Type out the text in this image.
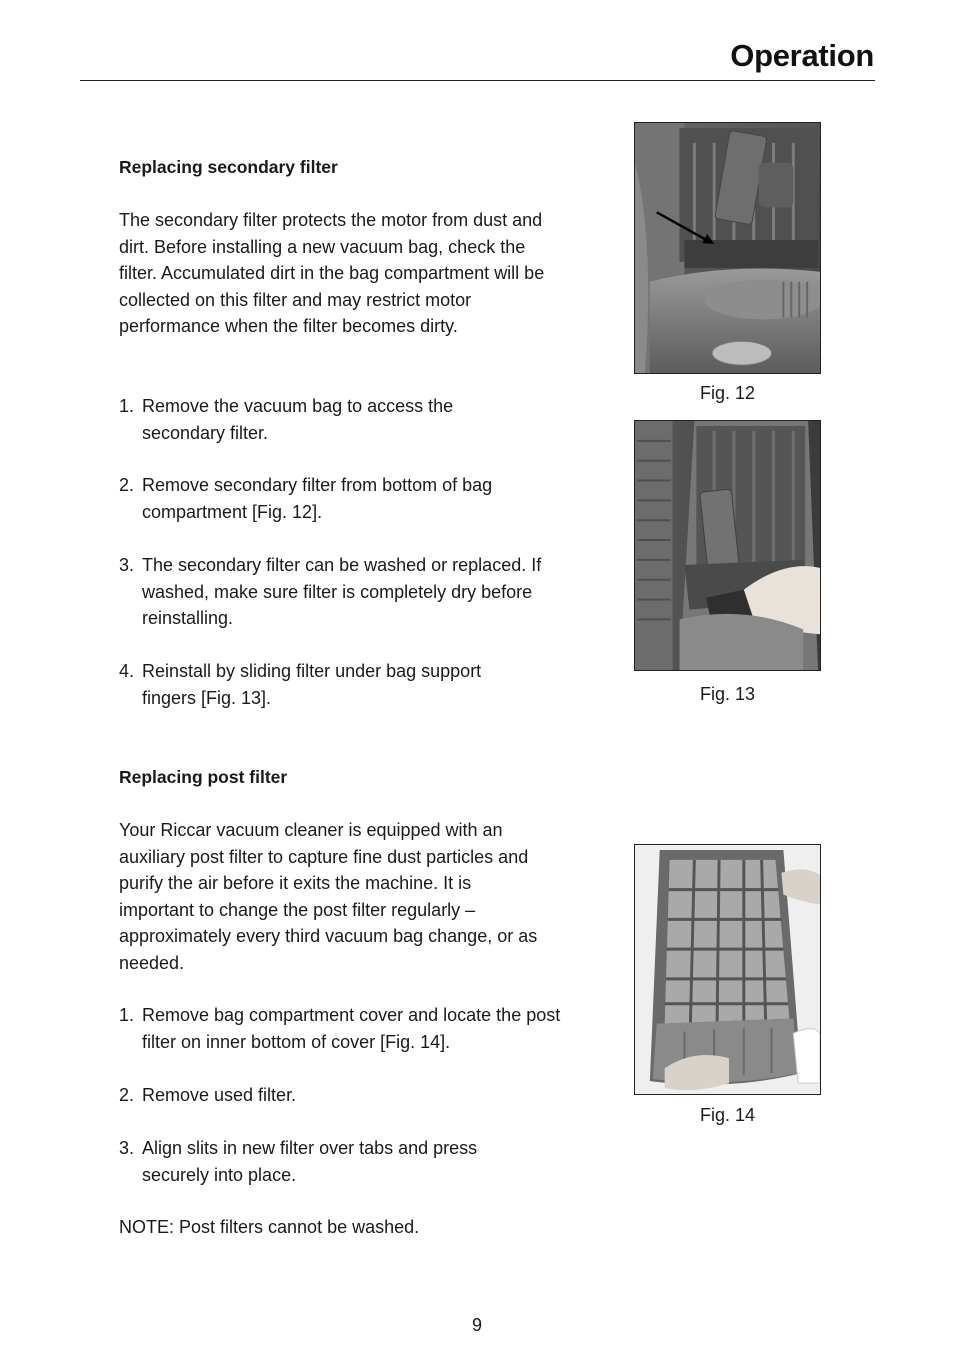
Operation

Replacing secondary filter

The secondary filter protects the motor from dust and dirt. Before installing a new vacuum bag, check the filter. Accumulated dirt in the bag compartment will be collected on this filter and may restrict motor performance when the filter becomes dirty.

1. Remove the vacuum bag to access the secondary filter.
2. Remove secondary filter from bottom of bag compartment [Fig. 12].
3. The secondary filter can be washed or replaced. If washed, make sure filter is completely dry before reinstalling.
4. Reinstall by sliding filter under bag support fingers [Fig. 13].

Replacing post filter

Your Riccar vacuum cleaner is equipped with an auxiliary post filter to capture fine dust particles and purify the air before it exits the machine. It is important to change the post filter regularly – approximately every third vacuum bag change, or as needed.

1. Remove bag compartment cover and locate the post filter on inner bottom of cover [Fig. 14].
2. Remove used filter.
3. Align slits in new filter over tabs and press securely into place.

NOTE: Post filters cannot be washed.

Fig. 12
Fig. 13
Fig. 14
9
